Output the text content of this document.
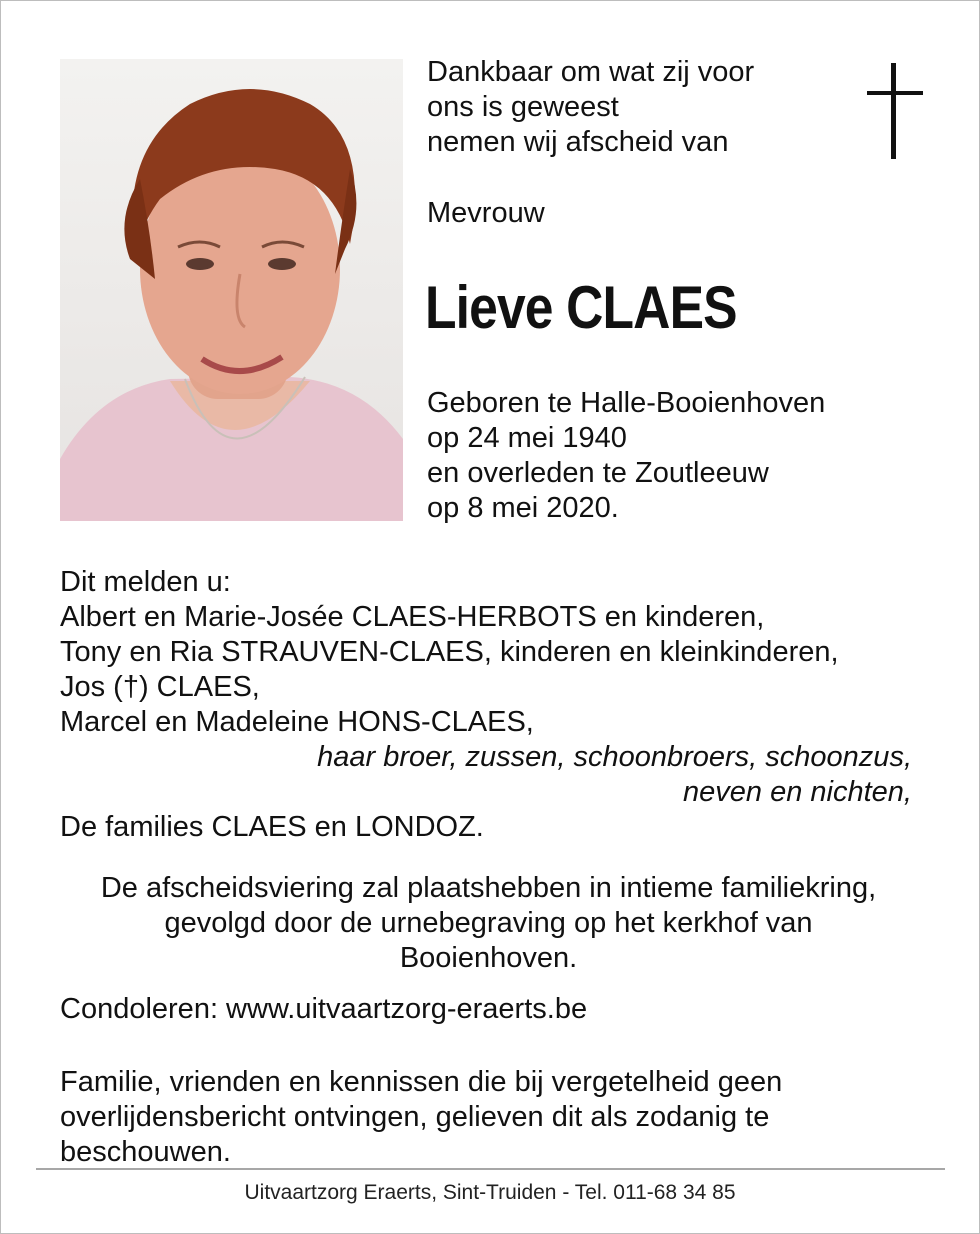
Dankbaar om wat zij voor
ons is geweest
nemen wij afscheid van
Mevrouw
Lieve CLAES
Geboren te Halle-Booienhoven
op 24 mei 1940
en overleden te Zoutleeuw
op 8 mei 2020.
Dit melden u:
Albert en Marie-Josée CLAES-HERBOTS en kinderen,
Tony en Ria STRAUVEN-CLAES, kinderen en kleinkinderen,
Jos (†) CLAES,
Marcel en Madeleine HONS-CLAES,
haar broer, zussen, schoonbroers, schoonzus,
neven en nichten,
De families CLAES en LONDOZ.
De afscheidsviering zal plaatshebben in intieme familiekring,
gevolgd door de urnebegraving op het kerkhof van
Booienhoven.
Condoleren: www.uitvaartzorg-eraerts.be
Familie, vrienden en kennissen die bij vergetelheid geen
overlijdensbericht ontvingen, gelieven dit als zodanig te
beschouwen.
Uitvaartzorg Eraerts, Sint-Truiden - Tel. 011-68 34 85
